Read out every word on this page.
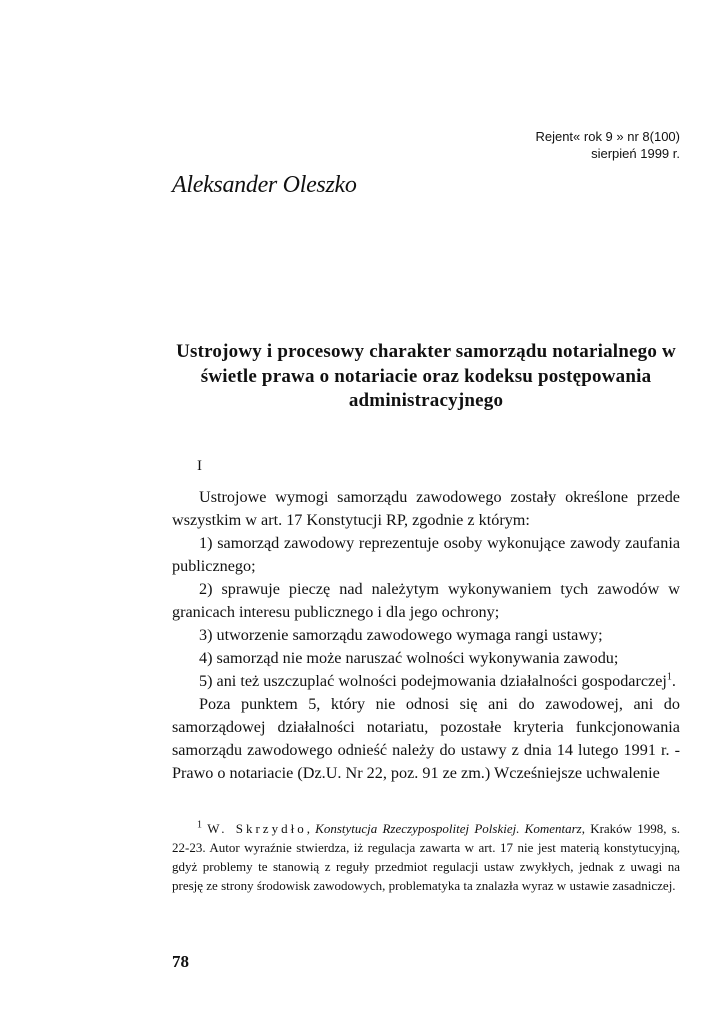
Rejent« rok 9 » nr 8(100)
sierpień 1999 r.
Aleksander Oleszko
Ustrojowy i procesowy charakter samorządu notarialnego w świetle prawa o notariacie oraz kodeksu postępowania administracyjnego
I

Ustrojowe wymogi samorządu zawodowego zostały określone przede wszystkim w art. 17 Konstytucji RP, zgodnie z którym:

1) samorząd zawodowy reprezentuje osoby wykonujące zawody zaufania publicznego;

2) sprawuje pieczę nad należytym wykonywaniem tych zawodów w granicach interesu publicznego i dla jego ochrony;

3) utworzenie samorządu zawodowego wymaga rangi ustawy;

4) samorząd nie może naruszać wolności wykonywania zawodu;

5) ani też uszczuplać wolności podejmowania działalności gospodarczej$^1$.

Poza punktem 5, który nie odnosi się ani do zawodowej, ani do samorządowej działalności notariatu, pozostałe kryteria funkcjonowania samorządu zawodowego odnieść należy do ustawy z dnia 14 lutego 1991 r. - Prawo o notariacie (Dz.U. Nr 22, poz. 91 ze zm.) Wcześniejsze uchwalenie

$^1$ W. Skrzydło, Konstytucja Rzeczypospolitej Polskiej. Komentarz, Kraków 1998, s. 22-23. Autor wyraźnie stwierdza, iż regulacja zawarta w art. 17 nie jest materią konstytucyjną, gdyż problemy te stanowią z reguły przedmiot regulacji ustaw zwykłych, jednak z uwagi na presję ze strony środowisk zawodowych, problematyka ta znalazła wyraz w ustawie zasadniczej.

78
